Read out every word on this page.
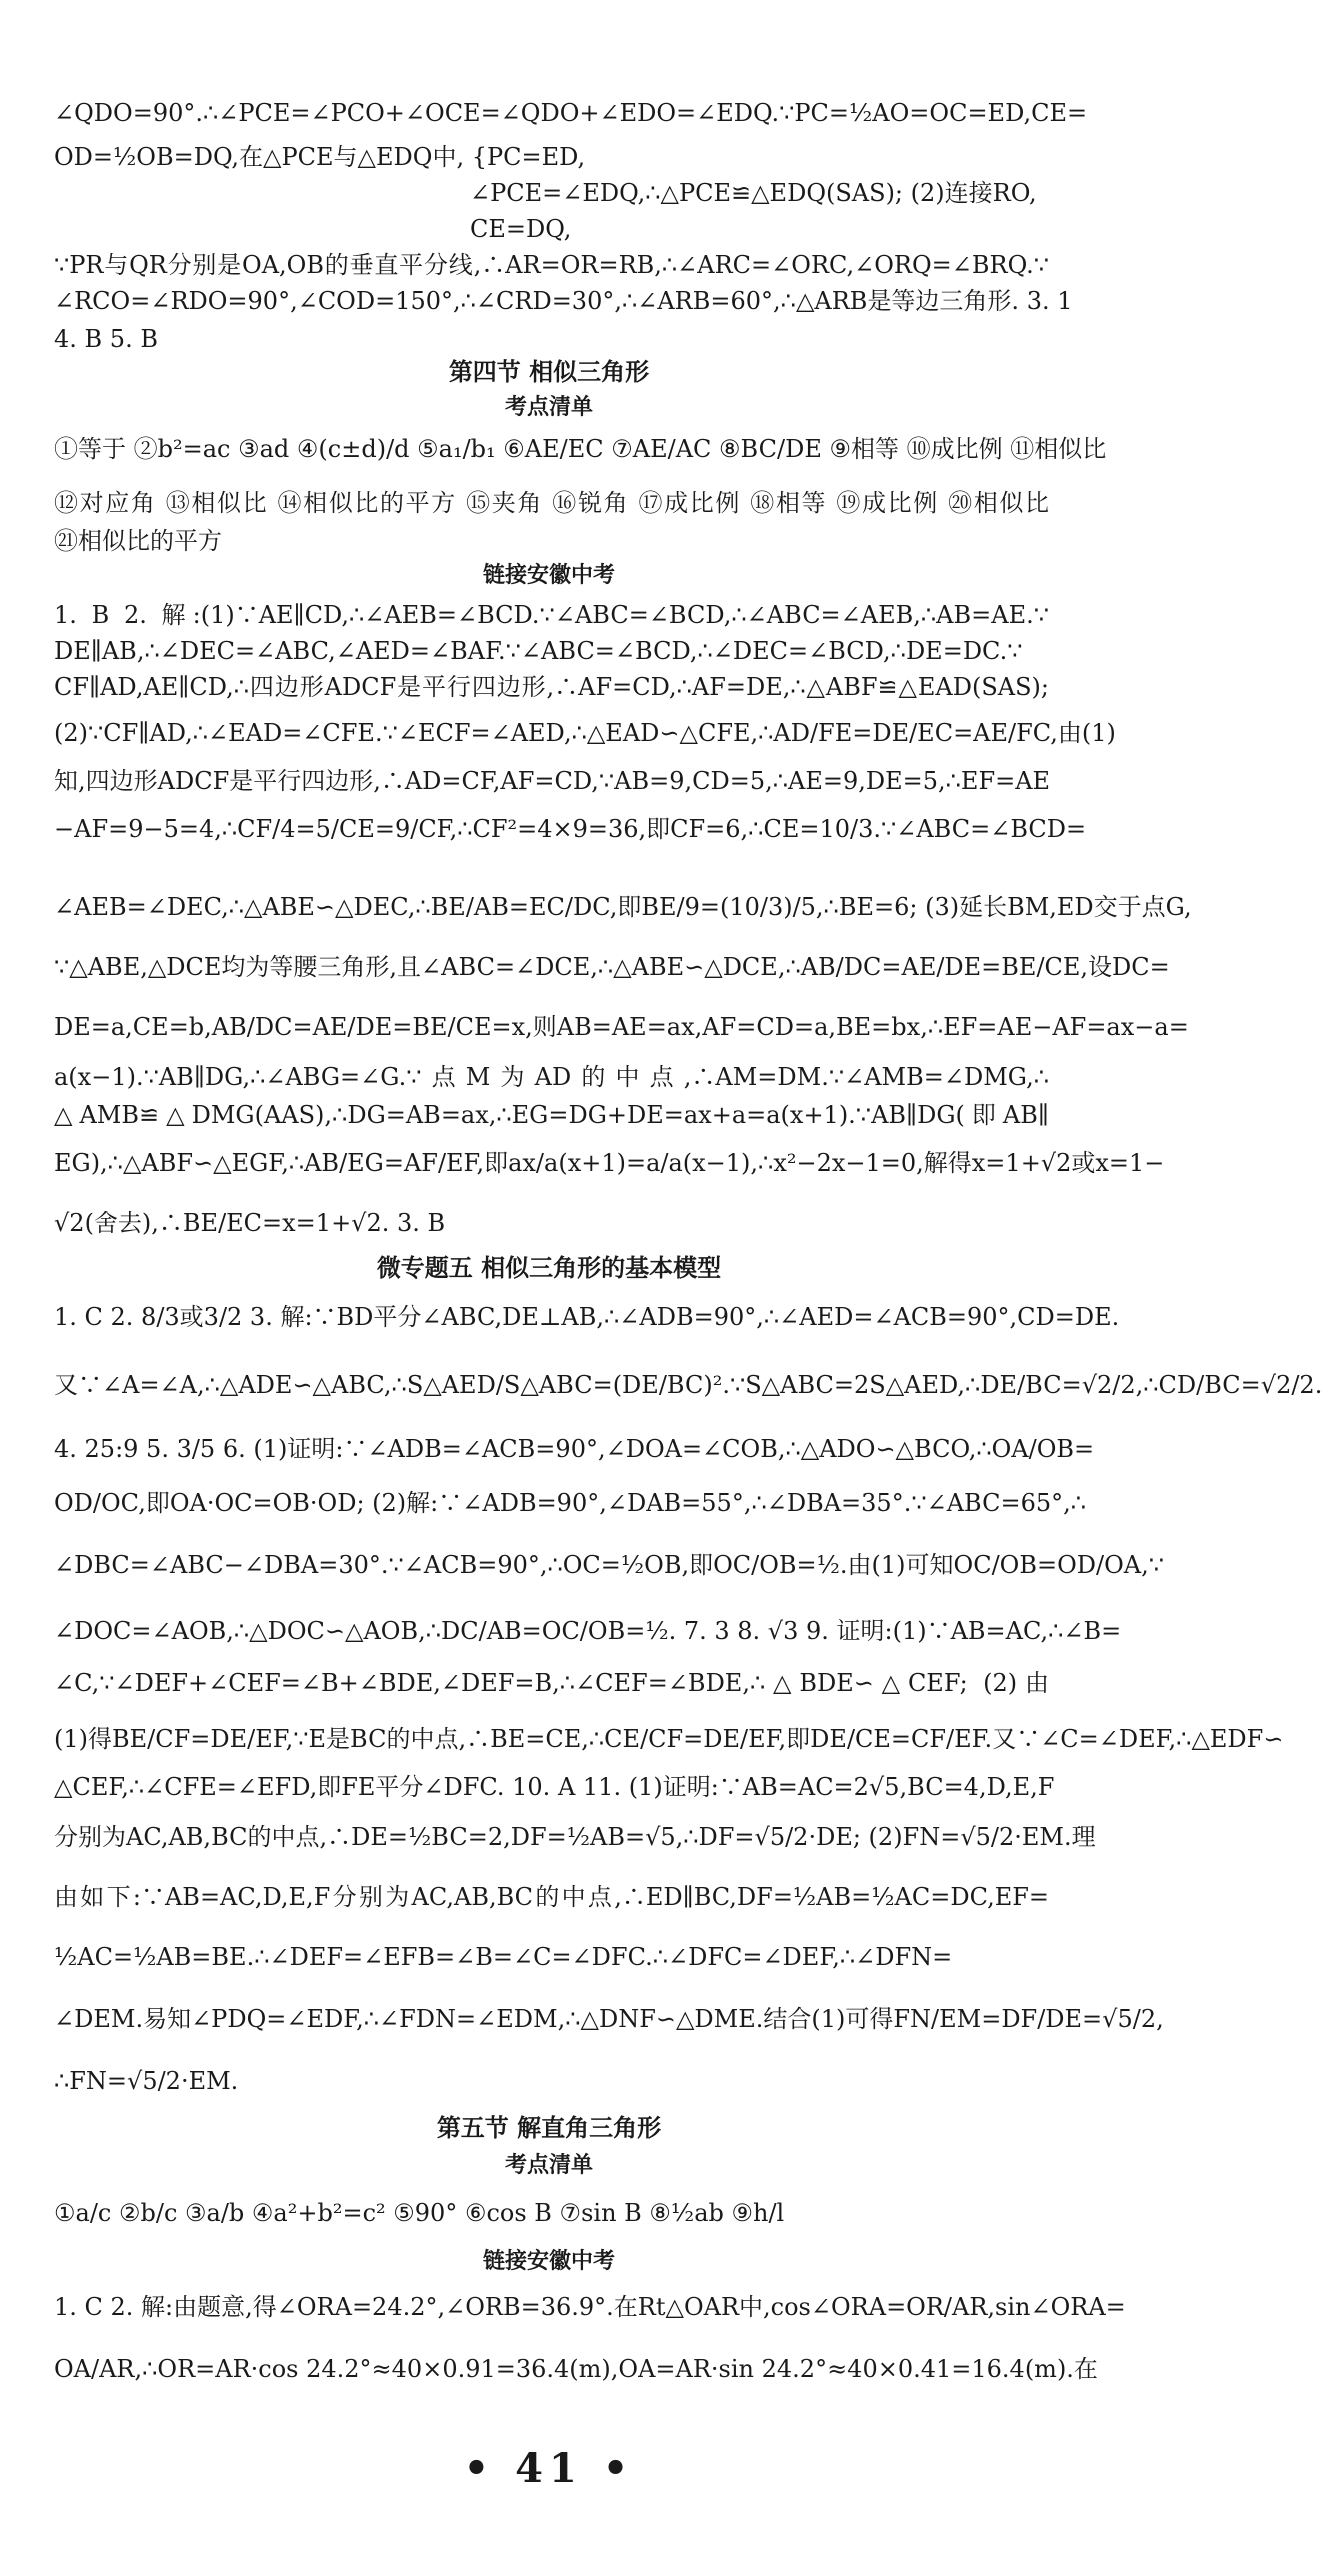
∠QDO=90°.∴∠PCE=∠PCO+∠OCE=∠QDO+∠EDO=∠EDQ.∵PC=½AO=OC=ED,CE=
OD=½OB=DQ,在△PCE与△EDQ中, {PC=ED,
∠PCE=∠EDQ,∴△PCE≌△EDQ(SAS); (2)连接RO,
CE=DQ,
∵PR与QR分别是OA,OB的垂直平分线,∴AR=OR=RB,∴∠ARC=∠ORC,∠ORQ=∠BRQ.∵
∠RCO=∠RDO=90°,∠COD=150°,∴∠CRD=30°,∴∠ARB=60°,∴△ARB是等边三角形. 3. 1
4. B 5. B
第四节 相似三角形
考点清单
①等于 ②b²=ac ③ad ④(c±d)/d ⑤a₁/b₁ ⑥AE/EC ⑦AE/AC ⑧BC/DE ⑨相等 ⑩成比例 ⑪相似比
⑫对应角 ⑬相似比 ⑭相似比的平方 ⑮夹角 ⑯锐角 ⑰成比例 ⑱相等 ⑲成比例 ⑳相似比
㉑相似比的平方
链接安徽中考
1. B 2. 解:(1)∵AE∥CD,∴∠AEB=∠BCD.∵∠ABC=∠BCD,∴∠ABC=∠AEB,∴AB=AE.∵
DE∥AB,∴∠DEC=∠ABC,∠AED=∠BAF.∵∠ABC=∠BCD,∴∠DEC=∠BCD,∴DE=DC.∵
CF∥AD,AE∥CD,∴四边形ADCF是平行四边形,∴AF=CD,∴AF=DE,∴△ABF≌△EAD(SAS);
(2)∵CF∥AD,∴∠EAD=∠CFE.∵∠ECF=∠AED,∴△EAD∽△CFE,∴AD/FE=DE/EC=AE/FC,由(1)
知,四边形ADCF是平行四边形,∴AD=CF,AF=CD,∵AB=9,CD=5,∴AE=9,DE=5,∴EF=AE
−AF=9−5=4,∴CF/4=5/CE=9/CF,∴CF²=4×9=36,即CF=6,∴CE=10/3.∵∠ABC=∠BCD=
∠AEB=∠DEC,∴△ABE∽△DEC,∴BE/AB=EC/DC,即BE/9=(10/3)/5,∴BE=6; (3)延长BM,ED交于点G,
∵△ABE,△DCE均为等腰三角形,且∠ABC=∠DCE,∴△ABE∽△DCE,∴AB/DC=AE/DE=BE/CE,设DC=
DE=a,CE=b,AB/DC=AE/DE=BE/CE=x,则AB=AE=ax,AF=CD=a,BE=bx,∴EF=AE−AF=ax−a=
a(x−1).∵AB∥DG,∴∠ABG=∠G.∵点M为AD的中点,∴AM=DM.∵∠AMB=∠DMG,∴
△AMB≌△DMG(AAS),∴DG=AB=ax,∴EG=DG+DE=ax+a=a(x+1).∵AB∥DG(即AB∥
EG),∴△ABF∽△EGF,∴AB/EG=AF/EF,即ax/a(x+1)=a/a(x−1),∴x²−2x−1=0,解得x=1+√2或x=1−
√2(舍去),∴BE/EC=x=1+√2. 3. B
微专题五 相似三角形的基本模型
1. C 2. 8/3或3/2 3. 解:∵BD平分∠ABC,DE⊥AB,∴∠ADB=90°,∴∠AED=∠ACB=90°,CD=DE.
又∵∠A=∠A,∴△ADE∽△ABC,∴S△AED/S△ABC=(DE/BC)².∵S△ABC=2S△AED,∴DE/BC=√2/2,∴CD/BC=√2/2.
4. 25:9 5. 3/5 6. (1)证明:∵∠ADB=∠ACB=90°,∠DOA=∠COB,∴△ADO∽△BCO,∴OA/OB=
OD/OC,即OA·OC=OB·OD; (2)解:∵∠ADB=90°,∠DAB=55°,∴∠DBA=35°.∵∠ABC=65°,∴
∠DBC=∠ABC−∠DBA=30°.∵∠ACB=90°,∴OC=½OB,即OC/OB=½.由(1)可知OC/OB=OD/OA,∵
∠DOC=∠AOB,∴△DOC∽△AOB,∴DC/AB=OC/OB=½. 7. 3 8. √3 9. 证明:(1)∵AB=AC,∴∠B=
∠C,∵∠DEF+∠CEF=∠B+∠BDE,∠DEF=B,∴∠CEF=∠BDE,∴△BDE∽△CEF; (2)由
(1)得BE/CF=DE/EF,∵E是BC的中点,∴BE=CE,∴CE/CF=DE/EF,即DE/CE=CF/EF.又∵∠C=∠DEF,∴△EDF∽
△CEF,∴∠CFE=∠EFD,即FE平分∠DFC. 10. A 11. (1)证明:∵AB=AC=2√5,BC=4,D,E,F
分别为AC,AB,BC的中点,∴DE=½BC=2,DF=½AB=√5,∴DF=√5/2·DE; (2)FN=√5/2·EM.理
由如下:∵AB=AC,D,E,F分别为AC,AB,BC的中点,∴ED∥BC,DF=½AB=½AC=DC,EF=
½AC=½AB=BE.∴∠DEF=∠EFB=∠B=∠C=∠DFC.∴∠DFC=∠DEF,∴∠DFN=
∠DEM.易知∠PDQ=∠EDF,∴∠FDN=∠EDM,∴△DNF∽△DME.结合(1)可得FN/EM=DF/DE=√5/2,
∴FN=√5/2·EM.
第五节 解直角三角形
考点清单
①a/c ②b/c ③a/b ④a²+b²=c² ⑤90° ⑥cos B ⑦sin B ⑧½ab ⑨h/l
链接安徽中考
1. C 2. 解:由题意,得∠ORA=24.2°,∠ORB=36.9°.在Rt△OAR中,cos∠ORA=OR/AR,sin∠ORA=
OA/AR,∴OR=AR·cos 24.2°≈40×0.91=36.4(m),OA=AR·sin 24.2°≈40×0.41=16.4(m).在
• 41 •
